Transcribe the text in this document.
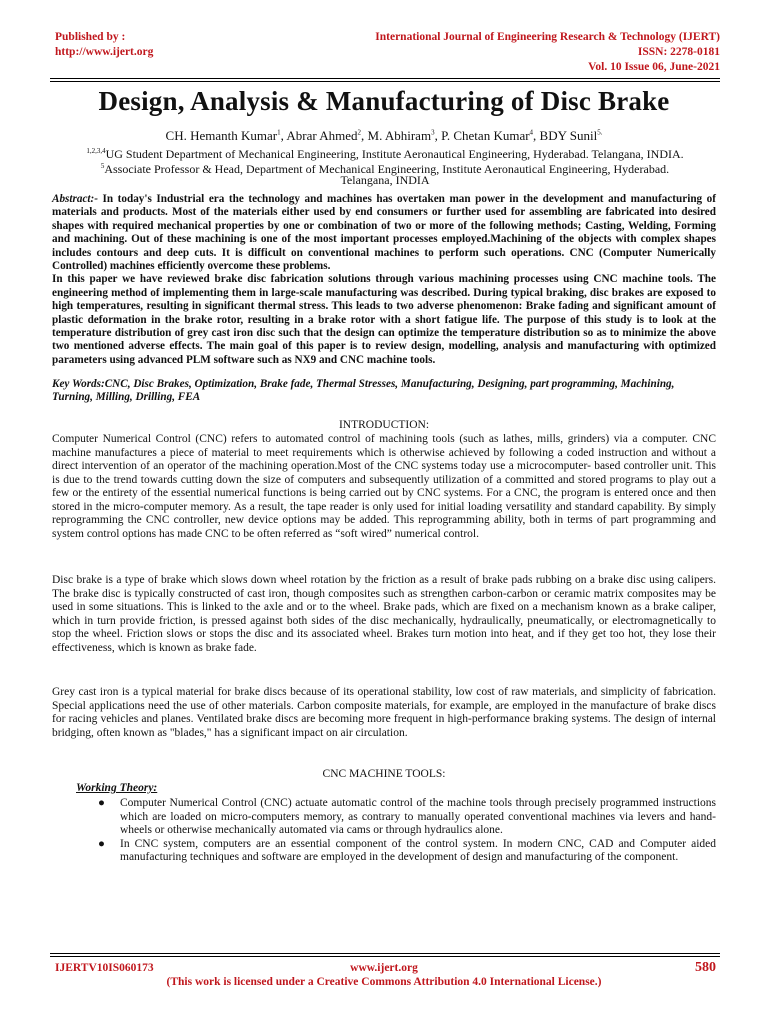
Published by :
http://www.ijert.org
International Journal of Engineering Research & Technology (IJERT)
ISSN: 2278-0181
Vol. 10 Issue 06, June-2021
Design, Analysis & Manufacturing of Disc Brake
CH. Hemanth Kumar$^1$, Abrar Ahmed$^2$, M. Abhiram$^3$, P. Chetan Kumar$^4$, BDY Sunil$^{5.}$
$^{1,2,3,4}$UG Student Department of Mechanical Engineering, Institute Aeronautical Engineering, Hyderabad. Telangana, INDIA.
$^5$Associate Professor & Head, Department of Mechanical Engineering, Institute Aeronautical Engineering, Hyderabad.
Telangana, INDIA

Abstract:- In today's Industrial era the technology and machines has overtaken man power in the development and manufacturing of materials and products. Most of the materials either used by end consumers or further used for assembling are fabricated into desired shapes with required mechanical properties by one or combination of two or more of the following methods; Casting, Welding, Forming and machining. Out of these machining is one of the most important processes employed.Machining of the objects with complex shapes includes contours and deep cuts. It is difficult on conventional machines to perform such operations. CNC (Computer Numerically Controlled) machines efficiently overcome these problems.

In this paper we have reviewed brake disc fabrication solutions through various machining processes using CNC machine tools. The engineering method of implementing them in large-scale manufacturing was described. During typical braking, disc brakes are exposed to high temperatures, resulting in significant thermal stress. This leads to two adverse phenomenon: Brake fading and significant amount of plastic deformation in the brake rotor, resulting in a brake rotor with a short fatigue life. The purpose of this study is to look at the temperature distribution of grey cast iron disc such that the design can optimize the temperature distribution so as to minimize the above two mentioned adverse effects. The main goal of this paper is to review design, modelling, analysis and manufacturing with optimized parameters using advanced PLM software such as NX9 and CNC machine tools.

Key Words:CNC, Disc Brakes, Optimization, Brake fade, Thermal Stresses, Manufacturing, Designing, part programming, Machining, Turning, Milling, Drilling, FEA
INTRODUCTION:

Computer Numerical Control (CNC) refers to automated control of machining tools (such as lathes, mills, grinders) via a computer. CNC machine manufactures a piece of material to meet requirements which is otherwise achieved by following a coded instruction and without a direct intervention of an operator of the machining operation.Most of the CNC systems today use a microcomputer- based controller unit. This is due to the trend towards cutting down the size of computers and subsequently utilization of a committed and stored programs to play out a few or the entirety of the essential numerical functions is being carried out by CNC systems. For a CNC, the program is entered once and then stored in the micro-computer memory. As a result, the tape reader is only used for initial loading versatility and standard capability. By simply reprogramming the CNC controller, new device options may be added. This reprogramming ability, both in terms of part programming and system control options has made CNC to be often referred as “soft wired” numerical control.

Disc brake is a type of brake which slows down wheel rotation by the friction as a result of brake pads rubbing on a brake disc using calipers. The brake disc is typically constructed of cast iron, though composites such as strengthen carbon-carbon or ceramic matrix composites may be used in some situations. This is linked to the axle and or to the wheel. Brake pads, which are fixed on a mechanism known as a brake caliper, which in turn provide friction, is pressed against both sides of the disc mechanically, hydraulically, pneumatically, or electromagnetically to stop the wheel. Friction slows or stops the disc and its associated wheel. Brakes turn motion into heat, and if they get too hot, they lose their effectiveness, which is known as brake fade.

Grey cast iron is a typical material for brake discs because of its operational stability, low cost of raw materials, and simplicity of fabrication. Special applications need the use of other materials. Carbon composite materials, for example, are employed in the manufacture of brake discs for racing vehicles and planes. Ventilated brake discs are becoming more frequent in high-performance braking systems. The design of internal bridging, often known as "blades," has a significant impact on air circulation.

CNC MACHINE TOOLS:
Working Theory:
● Computer Numerical Control (CNC) actuate automatic control of the machine tools through precisely programmed instructions which are loaded on micro-computers memory, as contrary to manually operated conventional machines via levers and hand-wheels or otherwise mechanically automated via cams or through hydraulics alone.
● In CNC system, computers are an essential component of the control system. In modern CNC, CAD and Computer aided manufacturing techniques and software are employed in the development of design and manufacturing of the component.
IJERTV10IS060173	www.ijert.org	580
(This work is licensed under a Creative Commons Attribution 4.0 International License.)
